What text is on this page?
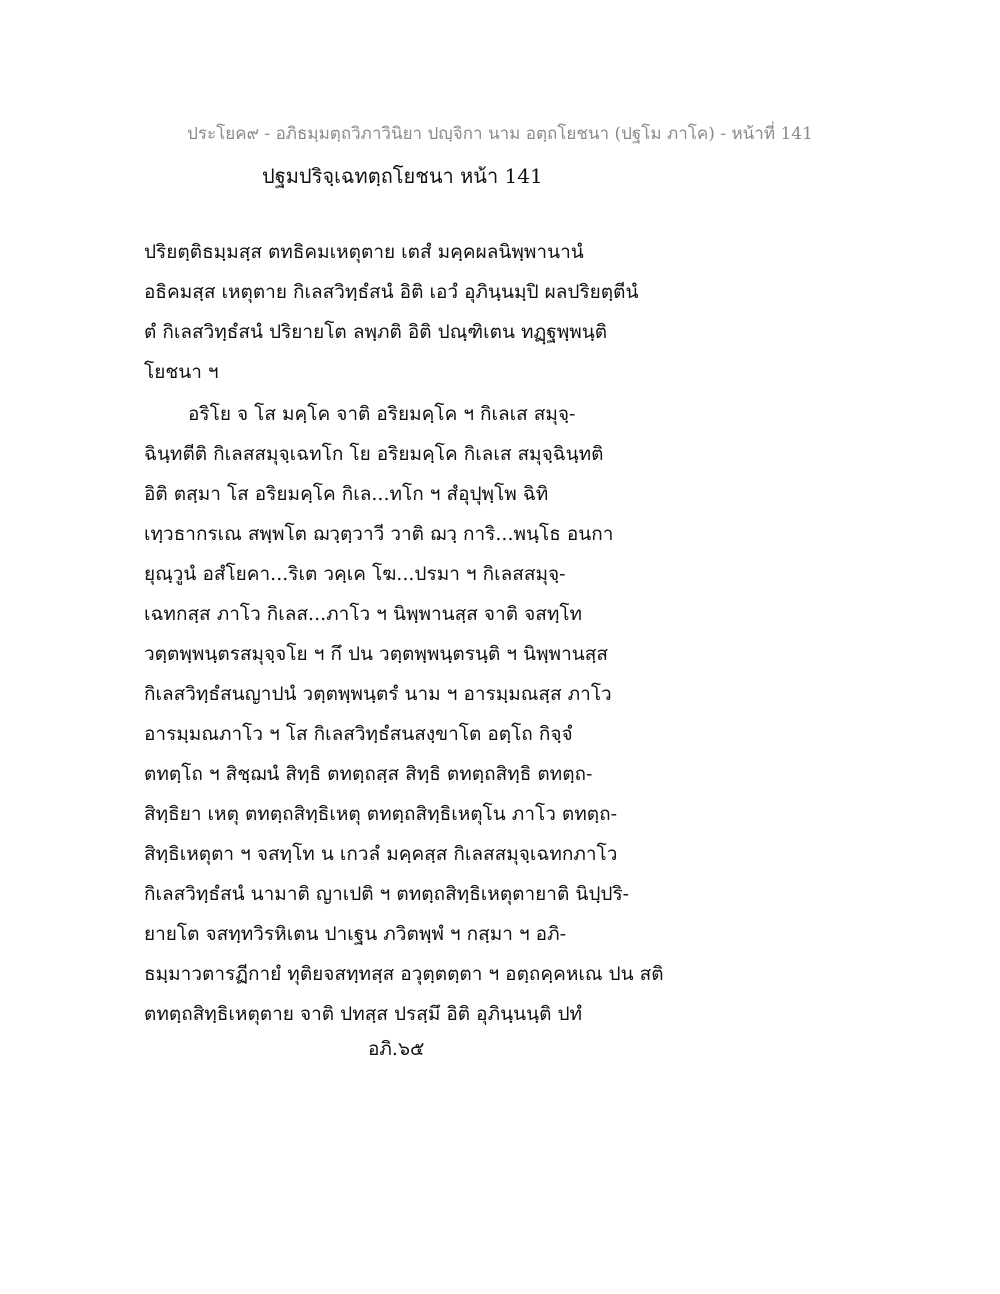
ประโยค๙ - อภิธมฺมตฺถวิภาวินิยา ปญฺจิกา นาม อตฺถโยชนา (ปฐโม ภาโค) - หน้าที่ 141
ปฐมปริจฺเฉทตฺถโยชนา หน้า 141
ปริยตฺติธมฺมสฺส ตทธิคมเหตุตาย เตสํ มคฺคผลนิพฺพานานํ
อธิคมสฺส เหตุตาย กิเลสวิทฺธํสนํ อิติ เอวํ อุภินฺนมฺปิ ผลปริยตฺตีนํ
ตํ กิเลสวิทฺธํสนํ ปริยายโต ลพฺภติ อิติ ปณฺฑิเตน ทฏฺฐพฺพนฺติ
โยชนา ฯ
อริโย จ โส มคฺโค จาติ อริยมคฺโค ฯ กิเลเส สมุจฺ-
ฉินฺทตีติ กิเลสสมุจฺเฉทโก โย อริยมคฺโค กิเลเส สมุจฺฉินฺทติ
อิติ ตสฺมา โส อริยมคฺโค กิเล...ทโก ฯ สํอุปุพฺโพ ฉิทิ
เทฺวธากรเณ สพฺพโต ฌวฺตฺวาวี วาติ ฌวฺ การิ...พนฺโธ อนกา
ยุณฺวูนํ อสํโยคา...ริเต วคฺเค โฆ...ปรมา ฯ กิเลสสมุจฺ-
เฉทกสฺส ภาโว กิเลส...ภาโว ฯ นิพฺพานสฺส จาติ จสทฺโท
วตฺตพฺพนฺตรสมุจฺจโย ฯ กึ ปน วตฺตพฺพนฺตรนฺติ ฯ นิพฺพานสฺส
กิเลสวิทฺธํสนญาปนํ วตฺตพฺพนฺตรํ นาม ฯ อารมฺมณสฺส ภาโว
อารมฺมณภาโว ฯ โส กิเลสวิทฺธํสนสงฺขาโต อตฺโถ กิจฺจํ
ตทตฺโถ ฯ สิชฺฌนํ สิทฺธิ ตทตฺถสฺส สิทฺธิ ตทตฺถสิทฺธิ ตทตฺถ-
สิทฺธิยา เหตุ ตทตฺถสิทฺธิเหตุ ตทตฺถสิทฺธิเหตุโน ภาโว ตทตฺถ-
สิทฺธิเหตุตา ฯ จสทฺโท น เกวลํ มคฺคสฺส กิเลสสมุจฺเฉทกภาโว
กิเลสวิทฺธํสนํ นามาติ ญาเปติ ฯ ตทตฺถสิทฺธิเหตุตายาติ นิปฺปริ-
ยายโต จสทฺทวิรหิเตน ปาเฐน ภวิตพฺพํ ฯ กสฺมา ฯ อภิ-
ธมฺมาวตารฏีกายํ ทุติยจสทฺทสฺส อวุตฺตตฺตา ฯ อตฺถคฺคหเณ ปน สติ
ตทตฺถสิทฺธิเหตุตาย จาติ ปทสฺส ปรสฺมึ อิติ อุภินฺนนฺติ ปทํ
อภิ.๖๕
